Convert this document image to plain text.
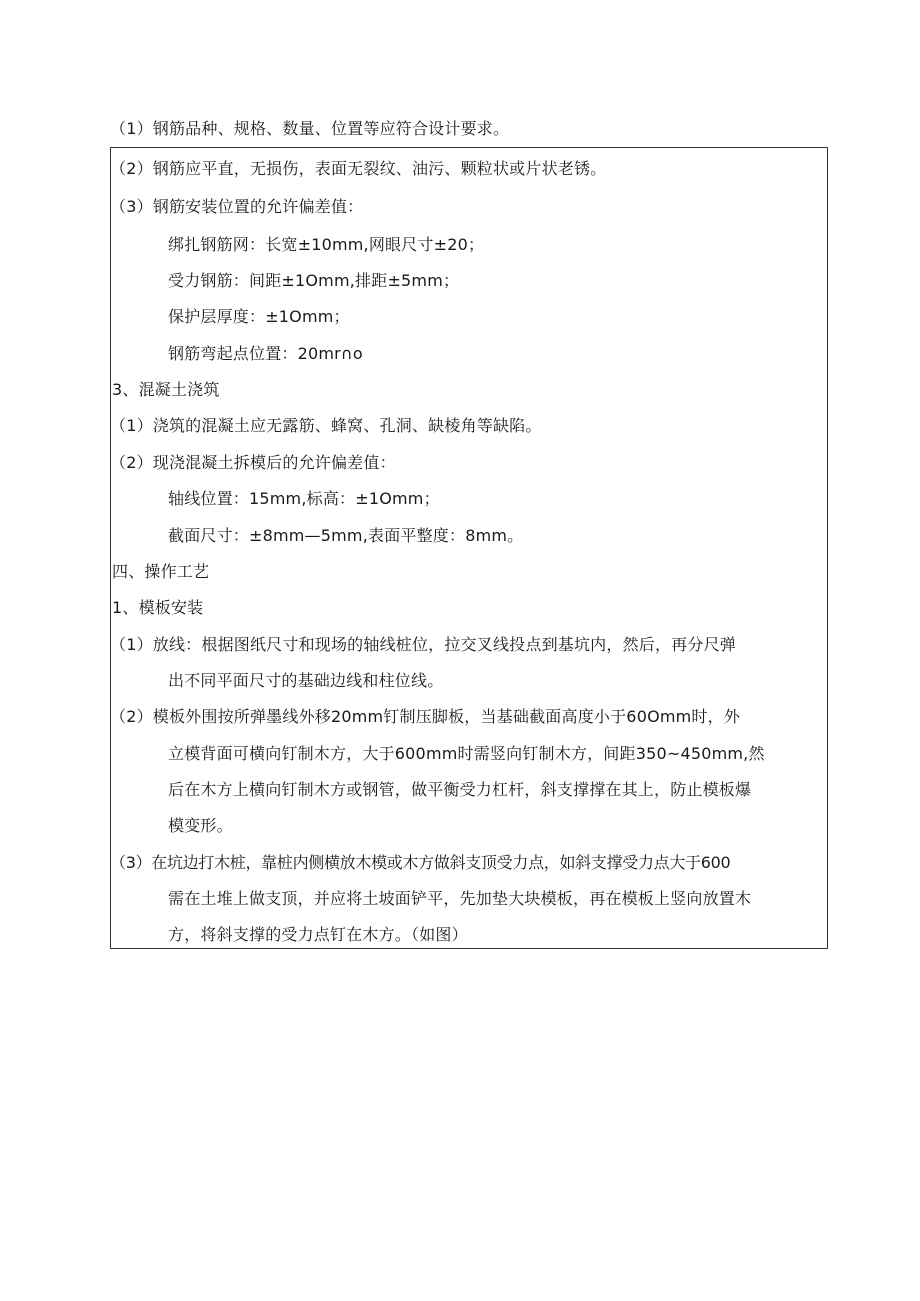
（1）钢筋品种、规格、数量、位置等应符合设计要求。
（2）钢筋应平直，无损伤，表面无裂纹、油污、颗粒状或片状老锈。
（3）钢筋安装位置的允许偏差值：
绑扎钢筋网：长宽±10mm,网眼尺寸±20；
受力钢筋：间距±1Omm,排距±5mm；
保护层厚度：±1Omm；
钢筋弯起点位置：20mr∩o
3、混凝土浇筑
（1）浇筑的混凝土应无露筋、蜂窝、孔洞、缺棱角等缺陷。
（2）现浇混凝土拆模后的允许偏差值：
轴线位置：15mm,标高：±1Omm；
截面尺寸：±8mm—5mm,表面平整度：8mm。
四、操作工艺
1、模板安装
（1）放线：根据图纸尺寸和现场的轴线桩位，拉交叉线投点到基坑内，然后，再分尺弹
出不同平面尺寸的基础边线和柱位线。
（2）模板外围按所弹墨线外移20mm钉制压脚板，当基础截面高度小于60Omm时，外
立模背面可横向钉制木方，大于600mm时需竖向钉制木方，间距350~450mm,然
后在木方上横向钉制木方或钢管，做平衡受力杠杆，斜支撑撑在其上，防止模板爆
模变形。
（3）在坑边打木桩，靠桩内侧横放木模或木方做斜支顶受力点，如斜支撑受力点大于600
需在土堆上做支顶，并应将土坡面铲平，先加垫大块模板，再在模板上竖向放置木
方，将斜支撑的受力点钉在木方。（如图）
